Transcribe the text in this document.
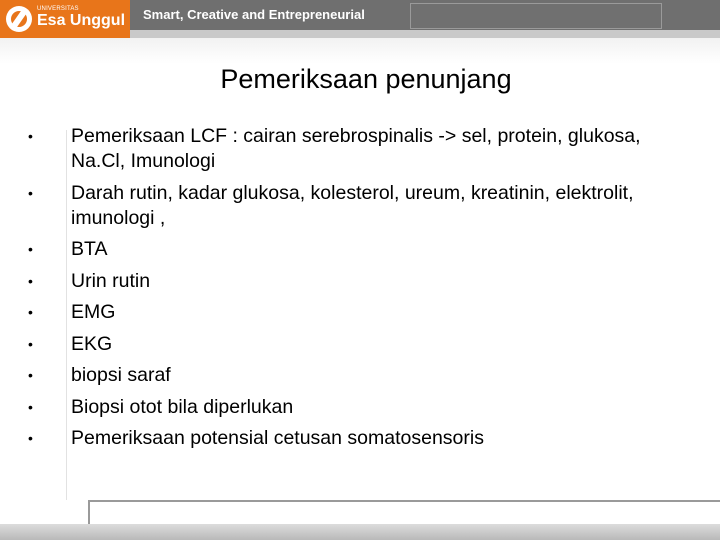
UNIVERSITAS
Esa Unggul Smart, Creative and Entrepreneurial
Pemeriksaan penunjang
• Pemeriksaan LCF : cairan serebrospinalis -> sel, protein, glukosa, Na.Cl, Imunologi
• Darah rutin, kadar glukosa, kolesterol, ureum, kreatinin, elektrolit, imunologi ,
• BTA
• Urin rutin
• EMG
• EKG
• biopsi saraf
• Biopsi otot bila diperlukan
• Pemeriksaan potensial cetusan somatosensoris
